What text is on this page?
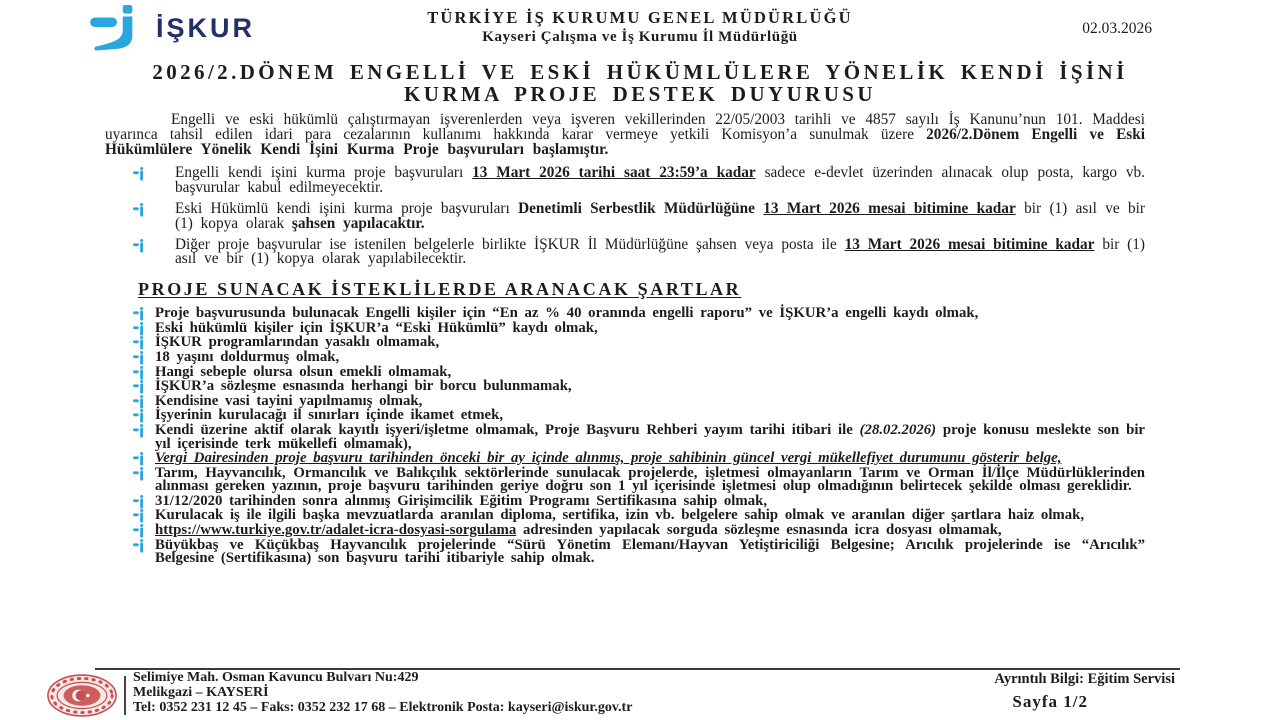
İŞKUR	TÜRKİYE İŞ KURUMU GENEL MÜDÜRLÜĞÜ
Kayseri Çalışma ve İş Kurumu İl Müdürlüğü	02.03.2026
2026/2.DÖNEM ENGELLİ VE ESKİ HÜKÜMLÜLERE YÖNELİK KENDİ İŞİNİ KURMA PROJE DESTEK DUYURUSU

Engelli ve eski hükümlü çalıştırmayan işverenlerden veya işveren vekillerinden 22/05/2003 tarihli ve 4857 sayılı İş Kanunu’nun 101. Maddesi uyarınca tahsil edilen idari para cezalarının kullanımı hakkında karar vermeye yetkili Komisyon’a sunulmak üzere 2026/2.Dönem Engelli ve Eski Hükümlülere Yönelik Kendi İşini Kurma Proje başvuruları başlamıştır.

Engelli kendi işini kurma proje başvuruları 13 Mart 2026 tarihi saat 23:59’a kadar sadece e-devlet üzerinden alınacak olup posta, kargo vb. başvurular kabul edilmeyecektir.
Eski Hükümlü kendi işini kurma proje başvuruları Denetimli Serbestlik Müdürlüğüne 13 Mart 2026 mesai bitimine kadar bir (1) asıl ve bir (1) kopya olarak şahsen yapılacaktır.
Diğer proje başvurular ise istenilen belgelerle birlikte İŞKUR İl Müdürlüğüne şahsen veya posta ile 13 Mart 2026 mesai bitimine kadar bir (1) asıl ve bir (1) kopya olarak yapılabilecektir.
PROJE SUNACAK İSTEKLİLERDE ARANACAK ŞARTLAR
Proje başvurusunda bulunacak Engelli kişiler için “En az % 40 oranında engelli raporu” ve İŞKUR’a engelli kaydı olmak,
Eski hükümlü kişiler için İŞKUR’a “Eski Hükümlü” kaydı olmak,
İŞKUR programlarından yasaklı olmamak,
18 yaşını doldurmuş olmak,
Hangi sebeple olursa olsun emekli olmamak,
İŞKUR’a sözleşme esnasında herhangi bir borcu bulunmamak,
Kendisine vasi tayini yapılmamış olmak,
İşyerinin kurulacağı il sınırları içinde ikamet etmek,
Kendi üzerine aktif olarak kayıtlı işyeri/işletme olmamak, Proje Başvuru Rehberi yayım tarihi itibari ile (28.02.2026) proje konusu meslekte son bir yıl içerisinde terk mükellefi olmamak),
Vergi Dairesinden proje başvuru tarihinden önceki bir ay içinde alınmış, proje sahibinin güncel vergi mükellefiyet durumunu gösterir belge,
Tarım, Hayvancılık, Ormancılık ve Balıkçılık sektörlerinde sunulacak projelerde, işletmesi olmayanların Tarım ve Orman İl/İlçe Müdürlüklerinden alınması gereken yazının, proje başvuru tarihinden geriye doğru son 1 yıl içerisinde işletmesi olup olmadığının belirtecek şekilde olması gereklidir.
31/12/2020 tarihinden sonra alınmış Girişimcilik Eğitim Programı Sertifikasına sahip olmak,
Kurulacak iş ile ilgili başka mevzuatlarda aranılan diploma, sertifika, izin vb. belgelere sahip olmak ve aranılan diğer şartlara haiz olmak,
https://www.turkiye.gov.tr/adalet-icra-dosyasi-sorgulama adresinden yapılacak sorguda sözleşme esnasında icra dosyası olmamak,
Büyükbaş ve Küçükbaş Hayvancılık projelerinde “Sürü Yönetim Elemanı/Hayvan Yetiştiriciliği Belgesine; Arıcılık projelerinde ise “Arıcılık” Belgesine (Sertifikasına) son başvuru tarihi itibariyle sahip olmak.
Selimiye Mah. Osman Kavuncu Bulvarı Nu:429
Melikgazi – KAYSERİ
Tel: 0352 231 12 45 – Faks: 0352 232 17 68 – Elektronik Posta: kayseri@iskur.gov.tr
Ayrıntılı Bilgi: Eğitim Servisi
Sayfa 1/2
